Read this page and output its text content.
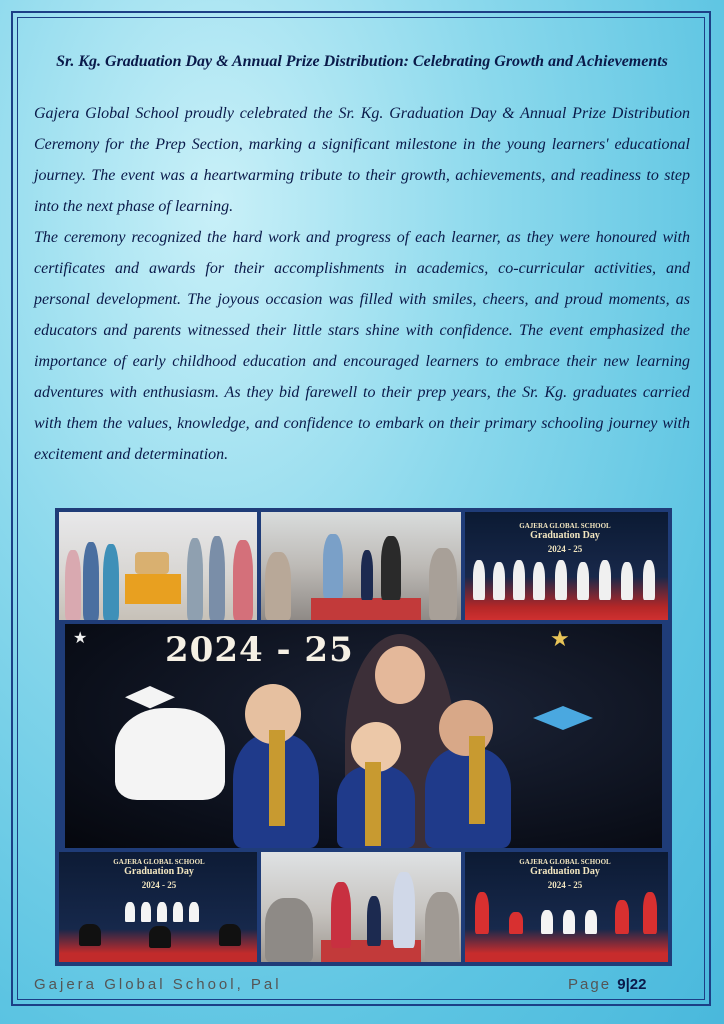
Sr. Kg. Graduation Day & Annual Prize Distribution: Celebrating Growth and Achievements

Gajera Global School proudly celebrated the Sr. Kg. Graduation Day & Annual Prize Distribution Ceremony for the Prep Section, marking a significant milestone in the young learners' educational journey. The event was a heartwarming tribute to their growth, achievements, and readiness to step into the next phase of learning.

The ceremony recognized the hard work and progress of each learner, as they were honoured with certificates and awards for their accomplishments in academics, co-curricular activities, and personal development. The joyous occasion was filled with smiles, cheers, and proud moments, as educators and parents witnessed their little stars shine with confidence. The event emphasized the importance of early childhood education and encouraged learners to embrace their new learning adventures with enthusiasm. As they bid farewell to their prep years, the Sr. Kg. graduates carried with them the values, knowledge, and confidence to embark on their primary schooling journey with excitement and determination.

GAJERA GLOBAL SCHOOL
Graduation Day
2024 - 25
2024 - 25	★
★
GAJERA GLOBAL SCHOOL
Graduation Day
2024 - 25
GAJERA GLOBAL SCHOOL
Graduation Day
2024 - 25
Gajera Global School, Pal	Page 9|22
